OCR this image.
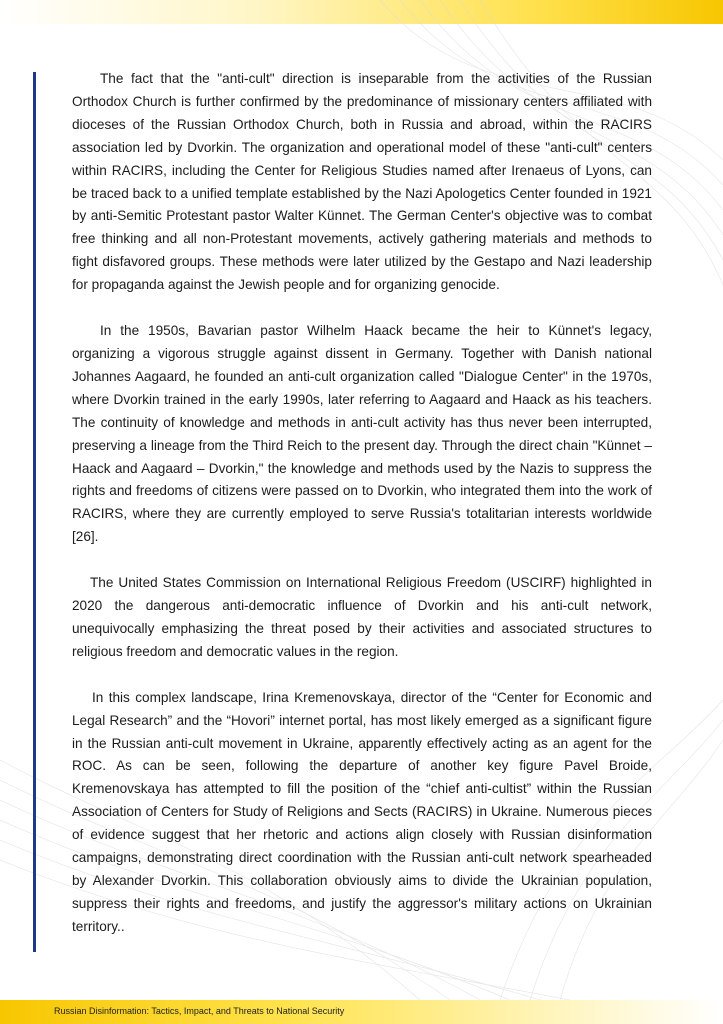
The fact that the "anti-cult" direction is inseparable from the activities of the Russian Orthodox Church is further confirmed by the predominance of missionary centers affiliated with dioceses of the Russian Orthodox Church, both in Russia and abroad, within the RACIRS association led by Dvorkin. The organization and operational model of these "anti-cult" centers within RACIRS, including the Center for Religious Studies named after Irenaeus of Lyons, can be traced back to a unified template established by the Nazi Apologetics Center founded in 1921 by anti-Semitic Protestant pastor Walter Künnet. The German Center's objective was to combat free thinking and all non-Protestant movements, actively gathering materials and methods to fight disfavored groups. These methods were later utilized by the Gestapo and Nazi leadership for propaganda against the Jewish people and for organizing genocide.

In the 1950s, Bavarian pastor Wilhelm Haack became the heir to Künnet's legacy, organizing a vigorous struggle against dissent in Germany. Together with Danish national Johannes Aagaard, he founded an anti-cult organization called "Dialogue Center" in the 1970s, where Dvorkin trained in the early 1990s, later referring to Aagaard and Haack as his teachers. The continuity of knowledge and methods in anti-cult activity has thus never been interrupted, preserving a lineage from the Third Reich to the present day. Through the direct chain "Künnet – Haack and Aagaard – Dvorkin," the knowledge and methods used by the Nazis to suppress the rights and freedoms of citizens were passed on to Dvorkin, who integrated them into the work of RACIRS, where they are currently employed to serve Russia's totalitarian interests worldwide [26].

The United States Commission on International Religious Freedom (USCIRF) highlighted in 2020 the dangerous anti-democratic influence of Dvorkin and his anti-cult network, unequivocally emphasizing the threat posed by their activities and associated structures to religious freedom and democratic values in the region.

In this complex landscape, Irina Kremenovskaya, director of the “Center for Economic and Legal Research” and the “Hovori” internet portal, has most likely emerged as a significant figure in the Russian anti-cult movement in Ukraine, apparently effectively acting as an agent for the ROC. As can be seen, following the departure of another key figure Pavel Broide, Kremenovskaya has attempted to fill the position of the “chief anti-cultist” within the Russian Association of Centers for Study of Religions and Sects (RACIRS) in Ukraine. Numerous pieces of evidence suggest that her rhetoric and actions align closely with Russian disinformation campaigns, demonstrating direct coordination with the Russian anti-cult network spearheaded by Alexander Dvorkin. This collaboration obviously aims to divide the Ukrainian population, suppress their rights and freedoms, and justify the aggressor's military actions on Ukrainian territory..

Russian Disinformation: Tactics, Impact, and Threats to National Security
